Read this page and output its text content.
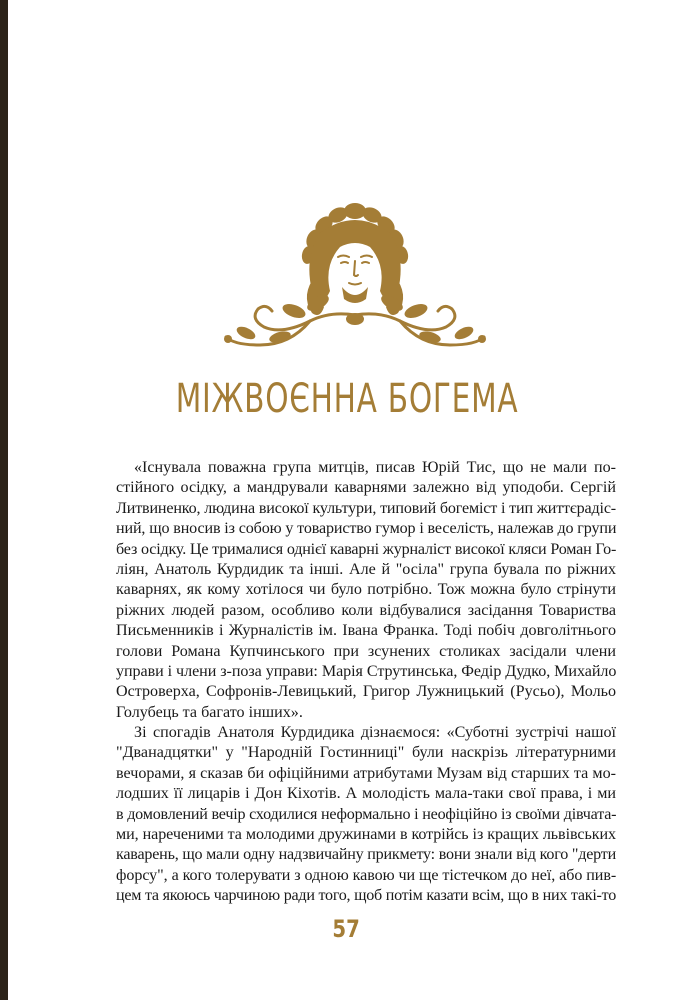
МІЖВОЄННА БОГЕМА
«Існувала поважна група митців, писав Юрій Тис, що не мали по-
стійного осідку, а мандрували каварнями залежно від уподоби. Сергій
Литвиненко, людина високої культури, типовий богеміст і тип життєрадіс-
ний, що вносив із собою у товариство гумор і веселість, належав до групи
без осідку. Це трималися однієї каварні журналіст високої кляси Роман Го-
ліян, Анатоль Курдидик та інші. Але й "осіла" група бувала по ріжних
каварнях, як кому хотілося чи було потрібно. Тож можна було стрінути
ріжних людей разом, особливо коли відбувалися засідання Товариства
Письменників і Журналістів ім. Івана Франка. Тоді побіч довголітнього
голови Романа Купчинського при зсунених столиках засідали члени
управи і члени з-поза управи: Марія Струтинська, Федір Дудко, Михайло
Островерха, Софронів-Левицький, Григор Лужницький (Русьо), Мольо
Голубець та багато інших».
Зі спогадів Анатоля Курдидика дізнаємося: «Суботні зустрічі нашої
"Дванадцятки" у "Народній Гостинниці" були наскрізь літературними
вечорами, я сказав би офіційними атрибутами Музам від старших та мо-
лодших її лицарів і Дон Кіхотів. А молодість мала-таки свої права, і ми
в домовлений вечір сходилися неформально і неофіційно із своїми дівчата-
ми, нареченими та молодими дружинами в котрійсь із кращих львівських
каварень, що мали одну надзвичайну прикмету: вони знали від кого "дерти
форсу", а кого толерувати з одною кавою чи ще тістечком до неї, або пив-
цем та якоюсь чарчиною ради того, щоб потім казати всім, що в них такі-то
57
